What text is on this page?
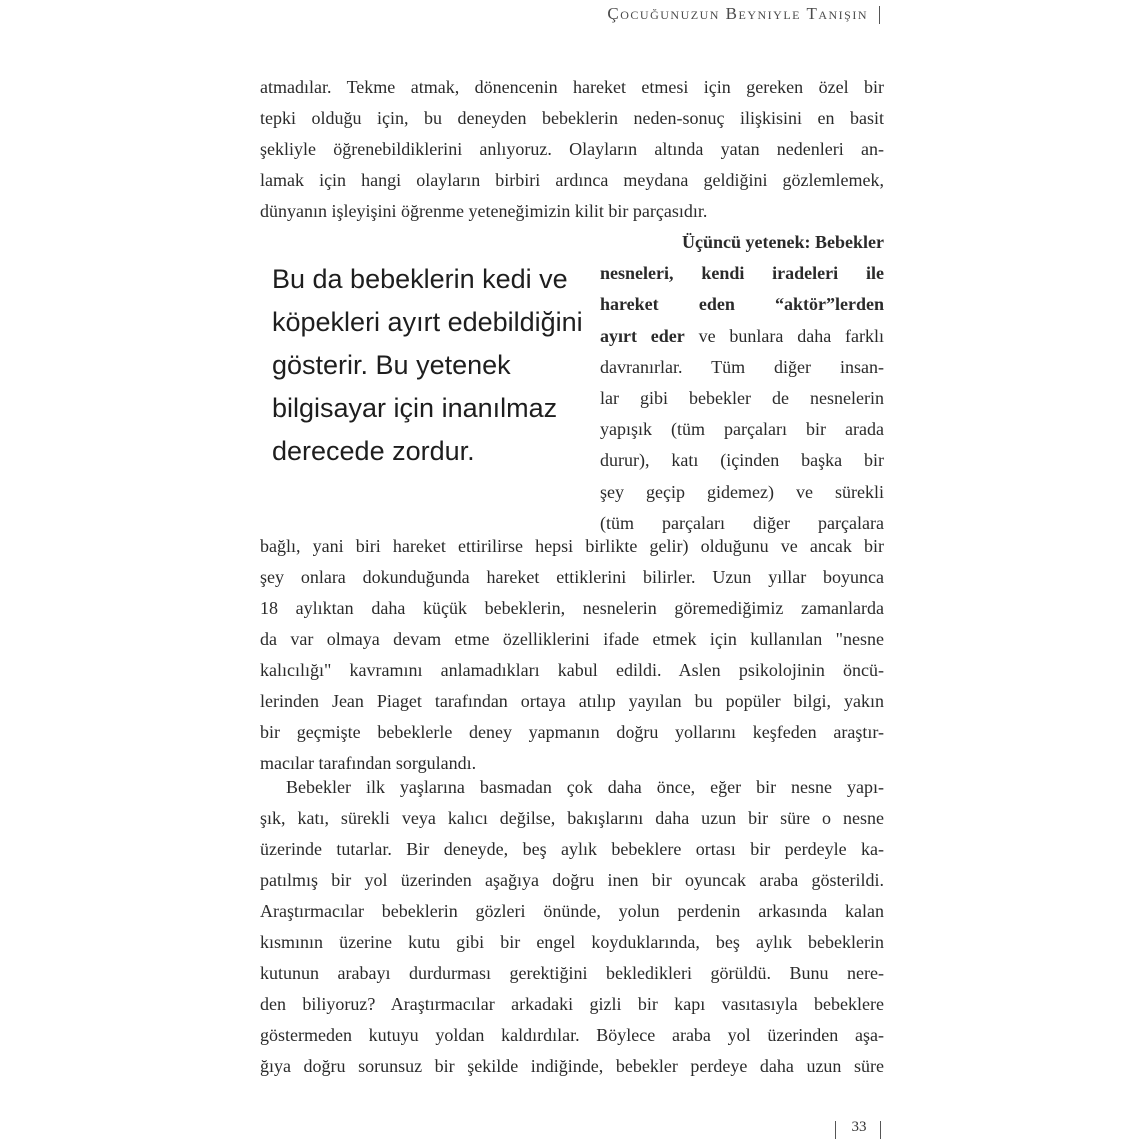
Çocuğunuzun Beyniyle Tanışın
atmadılar. Tekme atmak, dönencenin hareket etmesi için gereken özel bir
tepki olduğu için, bu deneyden bebeklerin neden-sonuç ilişkisini en basit
şekliyle öğrenebildiklerini anlıyoruz. Olayların altında yatan nedenleri an-
lamak için hangi olayların birbiri ardınca meydana geldiğini gözlemlemek,
dünyanın işleyişini öğrenme yeteneğimizin kilit bir parçasıdır.
Bu da bebeklerin kedi ve
köpekleri ayırt edebildiğini
gösterir. Bu yetenek
bilgisayar için inanılmaz
derecede zordur.
Üçüncü yetenek: Bebekler
nesneleri, kendi iradeleri ile
hareket eden “aktör”lerden
ayırt eder ve bunlara daha farklı
davranırlar. Tüm diğer insan-
lar gibi bebekler de nesnelerin
yapışık (tüm parçaları bir arada
durur), katı (içinden başka bir
şey geçip gidemez) ve sürekli
(tüm parçaları diğer parçalara
bağlı, yani biri hareket ettirilirse hepsi birlikte gelir) olduğunu ve ancak bir
şey onlara dokunduğunda hareket ettiklerini bilirler. Uzun yıllar boyunca
18 aylıktan daha küçük bebeklerin, nesnelerin göremediğimiz zamanlarda
da var olmaya devam etme özelliklerini ifade etmek için kullanılan "nesne
kalıcılığı" kavramını anlamadıkları kabul edildi. Aslen psikolojinin öncü-
lerinden Jean Piaget tarafından ortaya atılıp yayılan bu popüler bilgi, yakın
bir geçmişte bebeklerle deney yapmanın doğru yollarını keşfeden araştır-
macılar tarafından sorgulandı.
Bebekler ilk yaşlarına basmadan çok daha önce, eğer bir nesne yapı-
şık, katı, sürekli veya kalıcı değilse, bakışlarını daha uzun bir süre o nesne
üzerinde tutarlar. Bir deneyde, beş aylık bebeklere ortası bir perdeyle ka-
patılmış bir yol üzerinden aşağıya doğru inen bir oyuncak araba gösterildi.
Araştırmacılar bebeklerin gözleri önünde, yolun perdenin arkasında kalan
kısmının üzerine kutu gibi bir engel koyduklarında, beş aylık bebeklerin
kutunun arabayı durdurması gerektiğini bekledikleri görüldü. Bunu nere-
den biliyoruz? Araştırmacılar arkadaki gizli bir kapı vasıtasıyla bebeklere
göstermeden kutuyu yoldan kaldırdılar. Böylece araba yol üzerinden aşa-
ğıya doğru sorunsuz bir şekilde indiğinde, bebekler perdeye daha uzun süre
33
